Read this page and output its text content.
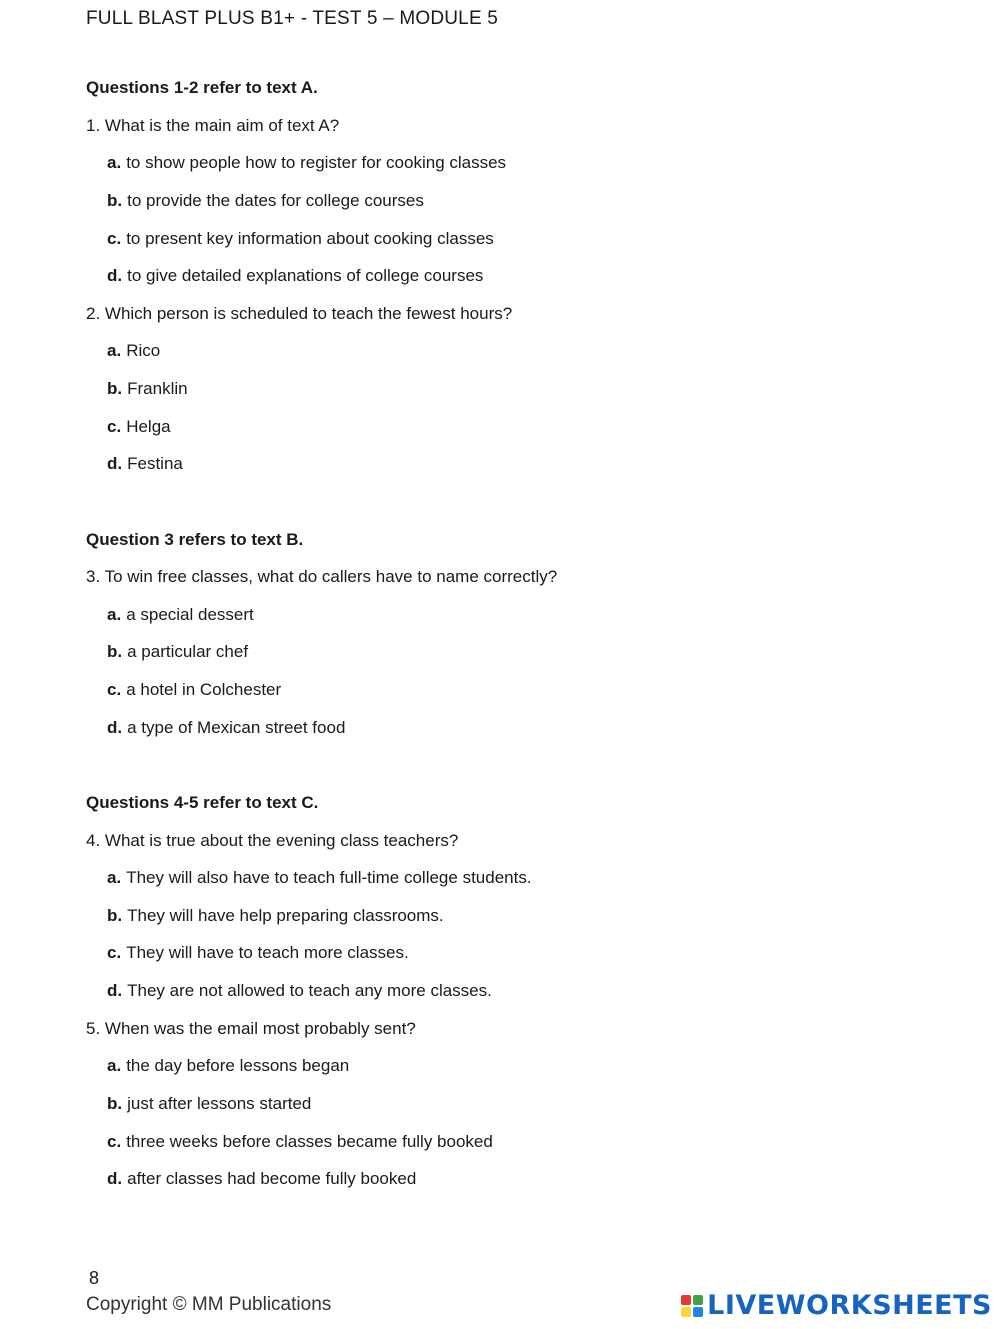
FULL BLAST PLUS B1+ - TEST 5 – MODULE 5
Questions 1-2 refer to text A.
1. What is the main aim of text A?
a. to show people how to register for cooking classes
b. to provide the dates for college courses
c. to present key information about cooking classes
d. to give detailed explanations of college courses
2. Which person is scheduled to teach the fewest hours?
a. Rico
b. Franklin
c. Helga
d. Festina
Question 3 refers to text B.
3. To win free classes, what do callers have to name correctly?
a. a special dessert
b. a particular chef
c. a hotel in Colchester
d. a type of Mexican street food
Questions 4-5 refer to text C.
4. What is true about the evening class teachers?
a. They will also have to teach full-time college students.
b. They will have help preparing classrooms.
c. They will have to teach more classes.
d. They are not allowed to teach any more classes.
5. When was the email most probably sent?
a. the day before lessons began
b. just after lessons started
c. three weeks before classes became fully booked
d. after classes had become fully booked
8
Copyright © MM Publications	LIVEWORKSHEETS
